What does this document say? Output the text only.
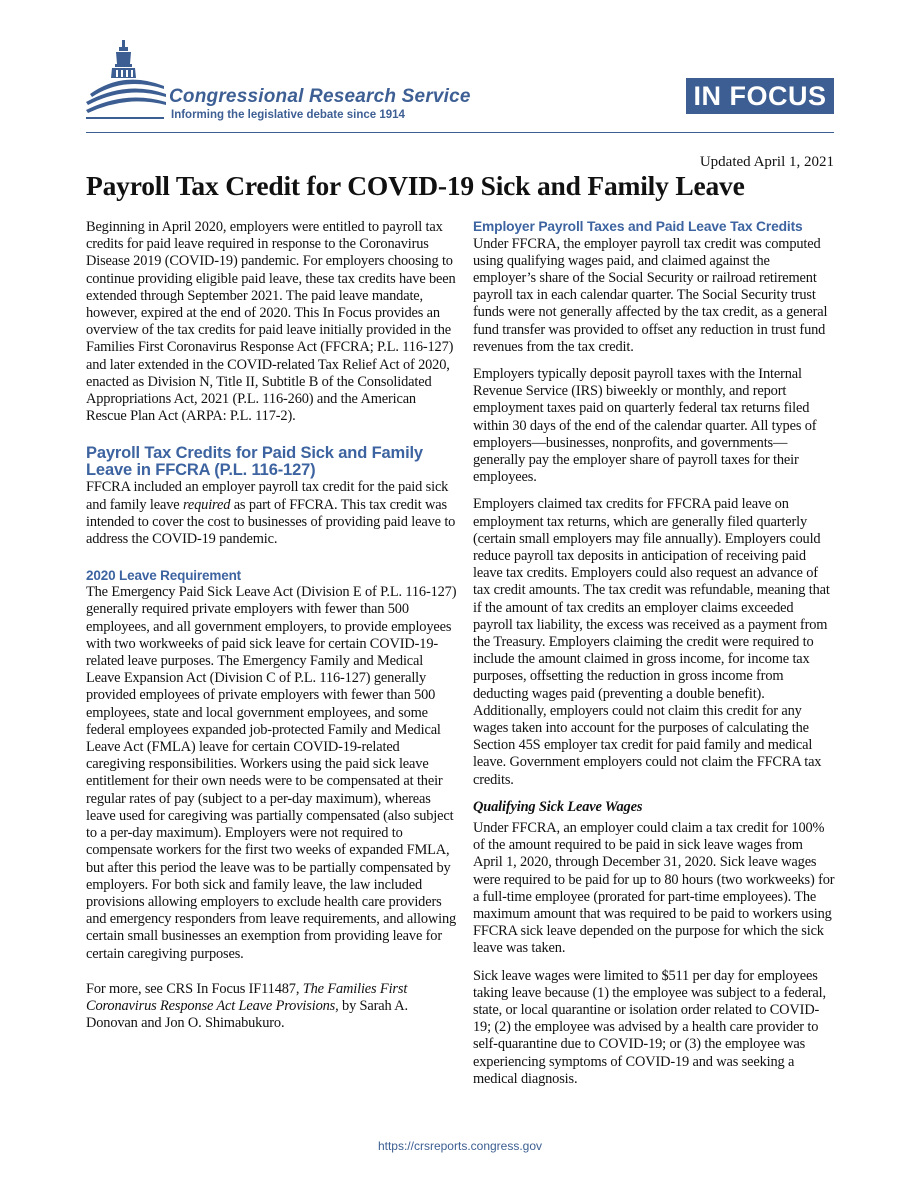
Congressional Research Service
Informing the legislative debate since 1914
IN FOCUS
Updated April 1, 2021
Payroll Tax Credit for COVID-19 Sick and Family Leave

Beginning in April 2020, employers were entitled to payroll tax credits for paid leave required in response to the Coronavirus Disease 2019 (COVID-19) pandemic. For employers choosing to continue providing eligible paid leave, these tax credits have been extended through September 2021. The paid leave mandate, however, expired at the end of 2020. This In Focus provides an overview of the tax credits for paid leave initially provided in the Families First Coronavirus Response Act (FFCRA; P.L. 116-127) and later extended in the COVID-related Tax Relief Act of 2020, enacted as Division N, Title II, Subtitle B of the Consolidated Appropriations Act, 2021 (P.L. 116-260) and the American Rescue Plan Act (ARPA: P.L. 117-2).

Payroll Tax Credits for Paid Sick and Family Leave in FFCRA (P.L. 116-127)

FFCRA included an employer payroll tax credit for the paid sick and family leave required as part of FFCRA. This tax credit was intended to cover the cost to businesses of providing paid leave to address the COVID-19 pandemic.

2020 Leave Requirement

The Emergency Paid Sick Leave Act (Division E of P.L. 116-127) generally required private employers with fewer than 500 employees, and all government employers, to provide employees with two workweeks of paid sick leave for certain COVID-19-related leave purposes. The Emergency Family and Medical Leave Expansion Act (Division C of P.L. 116-127) generally provided employees of private employers with fewer than 500 employees, state and local government employees, and some federal employees expanded job-protected Family and Medical Leave Act (FMLA) leave for certain COVID-19-related caregiving responsibilities. Workers using the paid sick leave entitlement for their own needs were to be compensated at their regular rates of pay (subject to a per-day maximum), whereas leave used for caregiving was partially compensated (also subject to a per-day maximum). Employers were not required to compensate workers for the first two weeks of expanded FMLA, but after this period the leave was to be partially compensated by employers. For both sick and family leave, the law included provisions allowing employers to exclude health care providers and emergency responders from leave requirements, and allowing certain small businesses an exemption from providing leave for certain caregiving purposes.

For more, see CRS In Focus IF11487, The Families First Coronavirus Response Act Leave Provisions, by Sarah A. Donovan and Jon O. Shimabukuro.

Employer Payroll Taxes and Paid Leave Tax Credits

Under FFCRA, the employer payroll tax credit was computed using qualifying wages paid, and claimed against the employer’s share of the Social Security or railroad retirement payroll tax in each calendar quarter. The Social Security trust funds were not generally affected by the tax credit, as a general fund transfer was provided to offset any reduction in trust fund revenues from the tax credit.

Employers typically deposit payroll taxes with the Internal Revenue Service (IRS) biweekly or monthly, and report employment taxes paid on quarterly federal tax returns filed within 30 days of the end of the calendar quarter. All types of employers—businesses, nonprofits, and governments—generally pay the employer share of payroll taxes for their employees.

Employers claimed tax credits for FFCRA paid leave on employment tax returns, which are generally filed quarterly (certain small employers may file annually). Employers could reduce payroll tax deposits in anticipation of receiving paid leave tax credits. Employers could also request an advance of tax credit amounts. The tax credit was refundable, meaning that if the amount of tax credits an employer claims exceeded payroll tax liability, the excess was received as a payment from the Treasury. Employers claiming the credit were required to include the amount claimed in gross income, for income tax purposes, offsetting the reduction in gross income from deducting wages paid (preventing a double benefit). Additionally, employers could not claim this credit for any wages taken into account for the purposes of calculating the Section 45S employer tax credit for paid family and medical leave. Government employers could not claim the FFCRA tax credits.

Qualifying Sick Leave Wages

Under FFCRA, an employer could claim a tax credit for 100% of the amount required to be paid in sick leave wages from April 1, 2020, through December 31, 2020. Sick leave wages were required to be paid for up to 80 hours (two workweeks) for a full-time employee (prorated for part-time employees). The maximum amount that was required to be paid to workers using FFCRA sick leave depended on the purpose for which the sick leave was taken.

Sick leave wages were limited to $511 per day for employees taking leave because (1) the employee was subject to a federal, state, or local quarantine or isolation order related to COVID-19; (2) the employee was advised by a health care provider to self-quarantine due to COVID-19; or (3) the employee was experiencing symptoms of COVID-19 and was seeking a medical diagnosis.

https://crsreports.congress.gov
